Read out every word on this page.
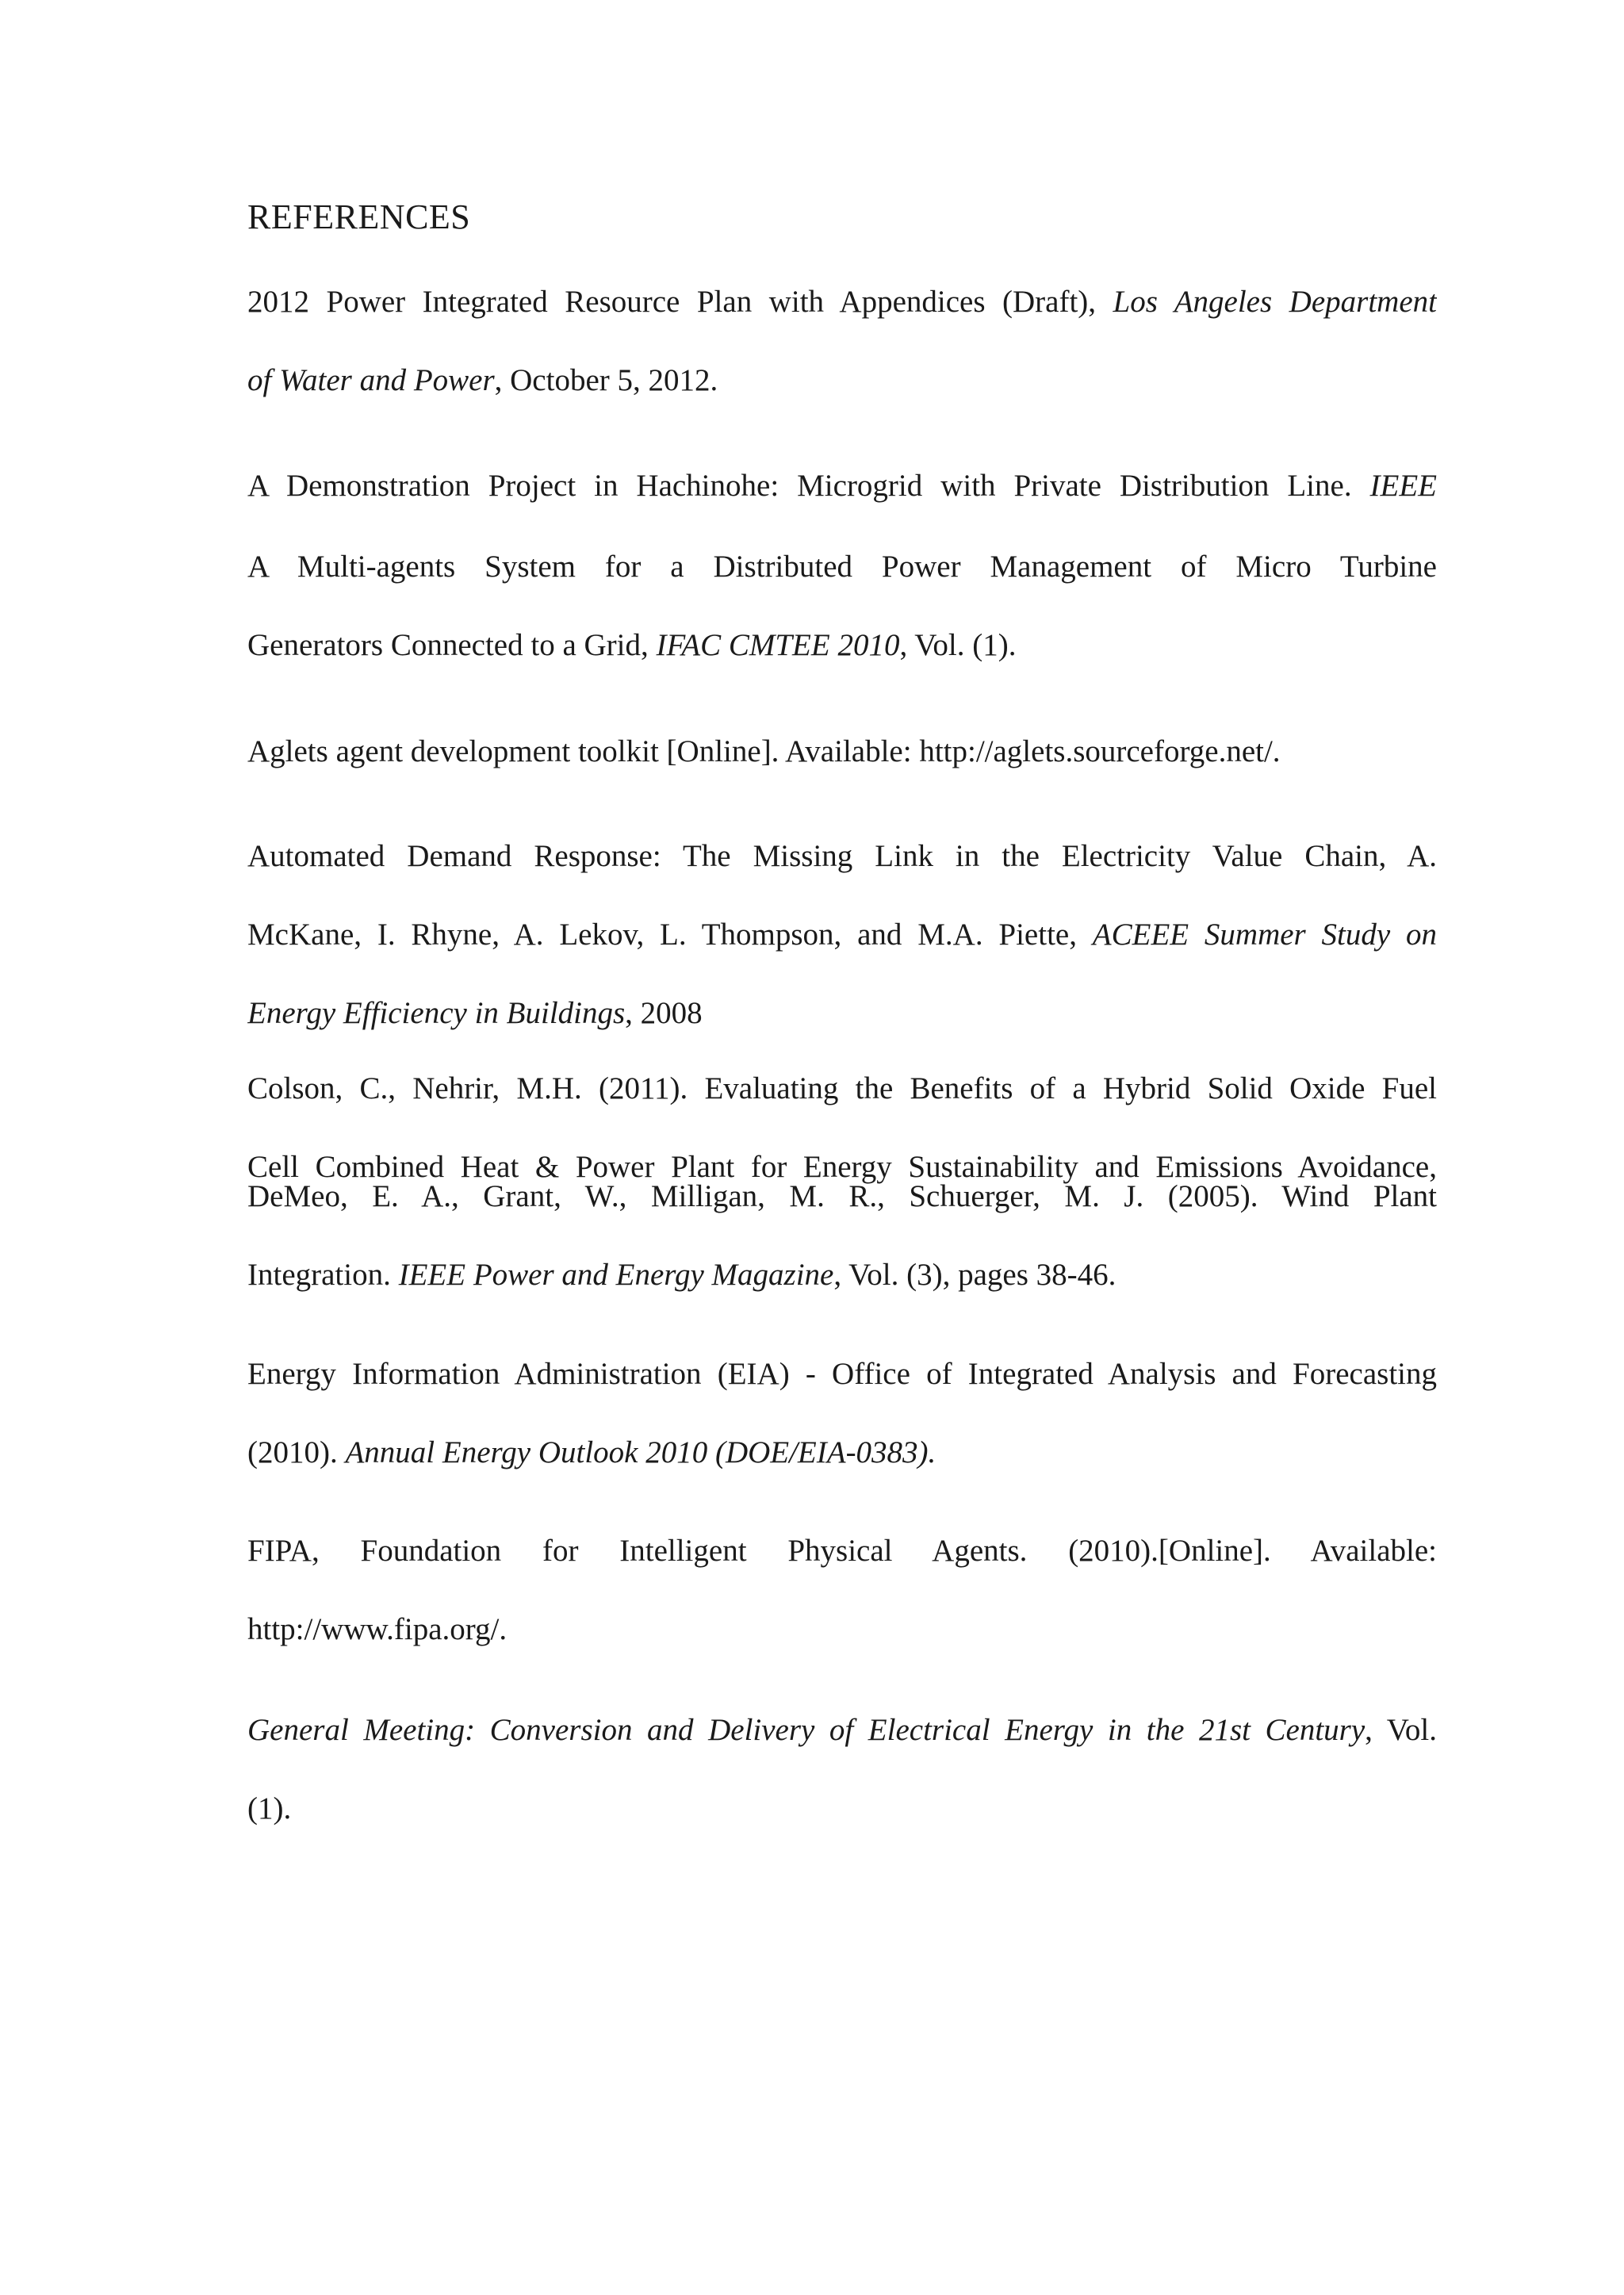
REFERENCES
2012 Power Integrated Resource Plan with Appendices (Draft), Los Angeles Department
of Water and Power, October 5, 2012.
A Demonstration Project in Hachinohe: Microgrid with Private Distribution Line. IEEE
A Multi-agents System for a Distributed Power Management of Micro Turbine
Generators Connected to a Grid, IFAC CMTEE 2010, Vol. (1).
Aglets agent development toolkit [Online]. Available: http://aglets.sourceforge.net/.
Automated Demand Response: The Missing Link in the Electricity Value Chain, A.
McKane, I. Rhyne, A. Lekov, L. Thompson, and M.A. Piette, ACEEE Summer Study on
Energy Efficiency in Buildings, 2008
Colson, C., Nehrir, M.H. (2011). Evaluating the Benefits of a Hybrid Solid Oxide Fuel
Cell Combined Heat & Power Plant for Energy Sustainability and Emissions Avoidance,
DeMeo, E. A., Grant, W., Milligan, M. R., Schuerger, M. J. (2005). Wind Plant
Integration. IEEE Power and Energy Magazine, Vol. (3), pages 38-46.
Energy Information Administration (EIA) - Office of Integrated Analysis and Forecasting
(2010). Annual Energy Outlook 2010 (DOE/EIA-0383).
FIPA, Foundation for Intelligent Physical Agents. (2010).[Online]. Available:
http://www.fipa.org/.
General Meeting: Conversion and Delivery of Electrical Energy in the 21st Century, Vol.
(1).
